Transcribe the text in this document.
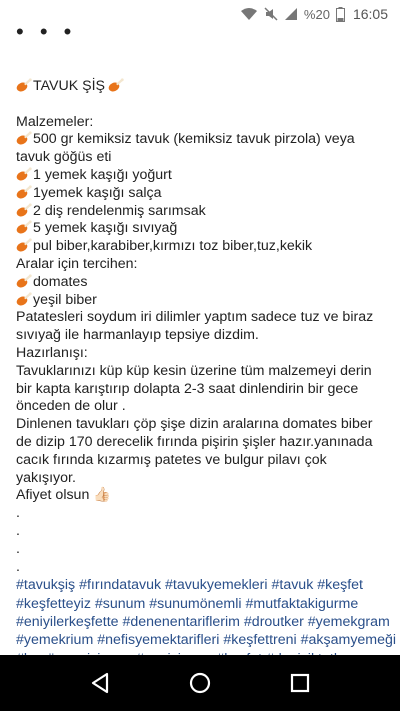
%20 16:05
• • •
TAVUK ŞİŞ
Malzemeler:
500 gr kemiksiz tavuk (kemiksiz tavuk pirzola) veya tavuk göğüs eti
1 yemek kaşığı yoğurt
1yemek kaşığı salça
2 diş rendelenmiş sarımsak
5 yemek kaşığı sıvıyağ
pul biber,karabiber,kırmızı toz biber,tuz,kekik
Aralar için tercihen:
domates
yeşil biber
Patatesleri soydum iri dilimler yaptım sadece tuz ve biraz sıvıyağ ile harmanlayıp tepsiye dizdim.
Hazırlanışı:
Tavuklarınızı küp küp kesin üzerine tüm malzemeyi derin bir kapta karıştırıp dolapta 2-3 saat dinlendirin bir gece önceden de olur .
Dinlenen tavukları çöp şişe dizin aralarına domates biber de dizip 170 derecelik fırında pişirin şişler hazır.yanınada cacık fırında kızarmış patetes ve bulgur pilavı çok yakışıyor.
Afiyet olsun 👍🏻
.
.
.
.
#tavukşiş #fırındatavuk #tavukyemekleri #tavuk #keşfet
#keşfetteyiz #sunum #sunumönemli #mutfaktakigurme
#eniyilerkeşfette #denenentariflerim #droutker #yemekgram
#yemekrium #nefisyemektarifleri #keşfettreni #akşamyemeği
